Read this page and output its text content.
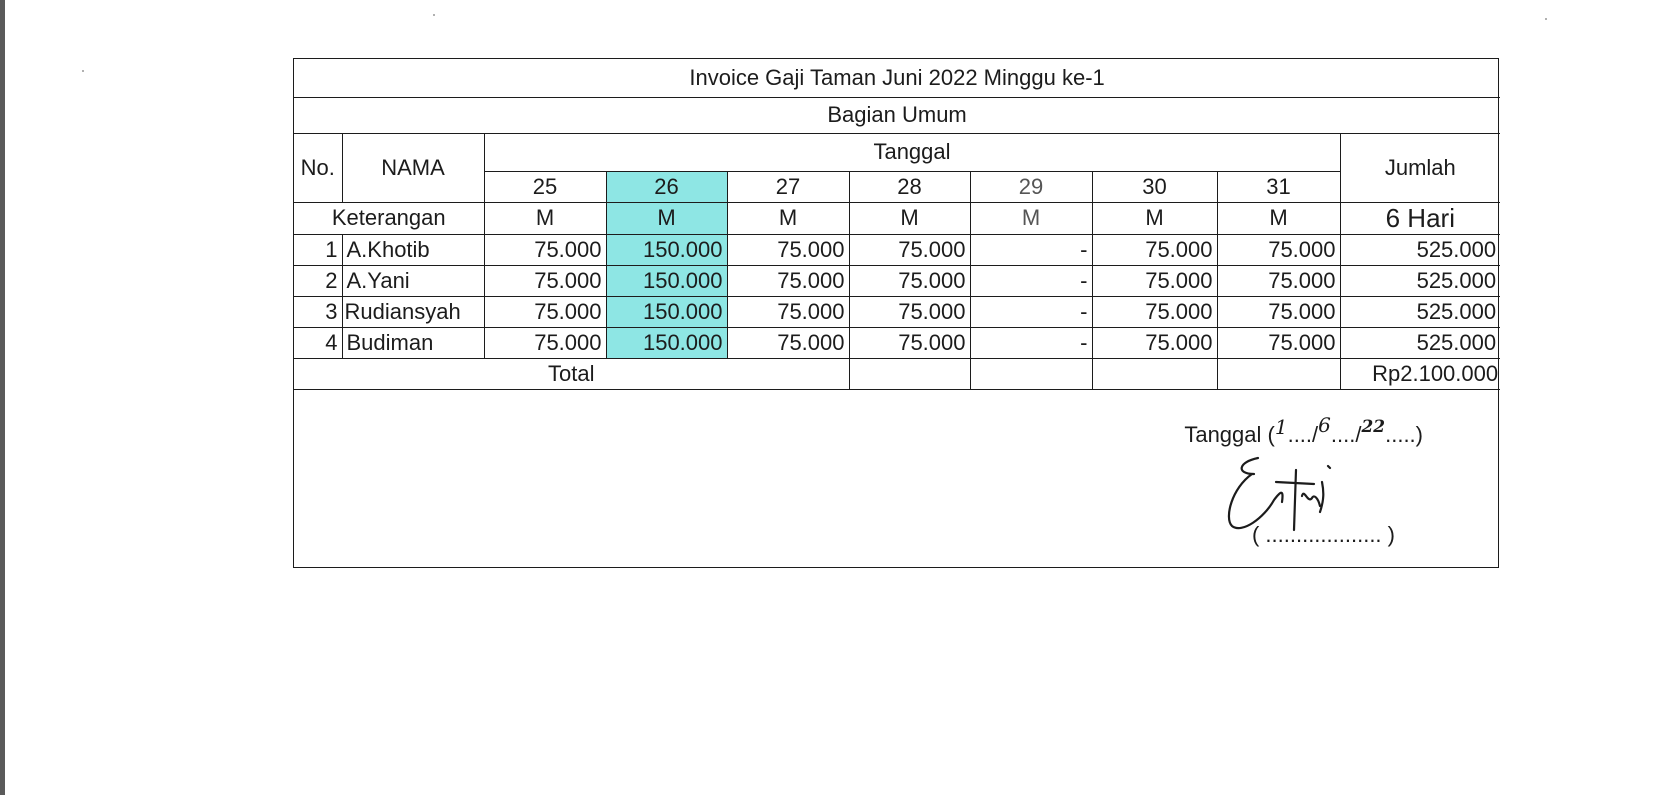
Invoice Gaji Taman Juni 2022 Minggu ke-1									
Bagian Umum									
No.	NAMA	Tanggal							Jumlah
		25	26	27	28	29	30	31	
Keterangan		M	M	M	M	M	M	M	6 Hari
1	A.Khotib	75.000	150.000	75.000	75.000	-	75.000	75.000	525.000
2	A.Yani	75.000	150.000	75.000	75.000	-	75.000	75.000	525.000
3	Rudiansyah	75.000	150.000	75.000	75.000	-	75.000	75.000	525.000
4	Budiman	75.000	150.000	75.000	75.000	-	75.000	75.000	525.000
Total									Rp2.100.000
Tanggal (1..../6..../$^{22}$.....)
( ................... )
